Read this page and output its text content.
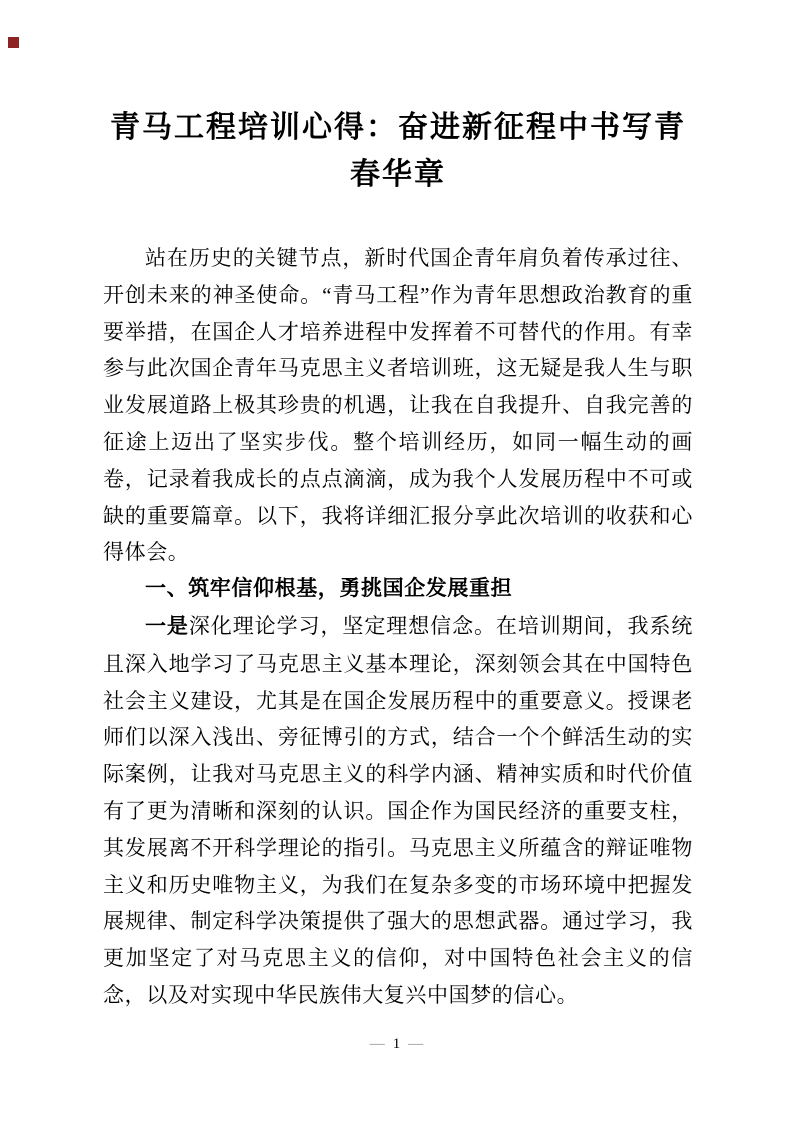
青马工程培训心得：奋进新征程中书写青
春华章

站在历史的关键节点，新时代国企青年肩负着传承过往、开创未来的神圣使命。“青马工程”作为青年思想政治教育的重要举措，在国企人才培养进程中发挥着不可替代的作用。有幸参与此次国企青年马克思主义者培训班，这无疑是我人生与职业发展道路上极其珍贵的机遇，让我在自我提升、自我完善的征途上迈出了坚实步伐。整个培训经历，如同一幅生动的画卷，记录着我成长的点点滴滴，成为我个人发展历程中不可或缺的重要篇章。以下，我将详细汇报分享此次培训的收获和心得体会。

一、筑牢信仰根基，勇挑国企发展重担

一是深化理论学习，坚定理想信念。在培训期间，我系统且深入地学习了马克思主义基本理论，深刻领会其在中国特色社会主义建设，尤其是在国企发展历程中的重要意义。授课老师们以深入浅出、旁征博引的方式，结合一个个鲜活生动的实际案例，让我对马克思主义的科学内涵、精神实质和时代价值有了更为清晰和深刻的认识。国企作为国民经济的重要支柱，其发展离不开科学理论的指引。马克思主义所蕴含的辩证唯物主义和历史唯物主义，为我们在复杂多变的市场环境中把握发展规律、制定科学决策提供了强大的思想武器。通过学习，我更加坚定了对马克思主义的信仰，对中国特色社会主义的信念，以及对实现中华民族伟大复兴中国梦的信心。

— 1 —
